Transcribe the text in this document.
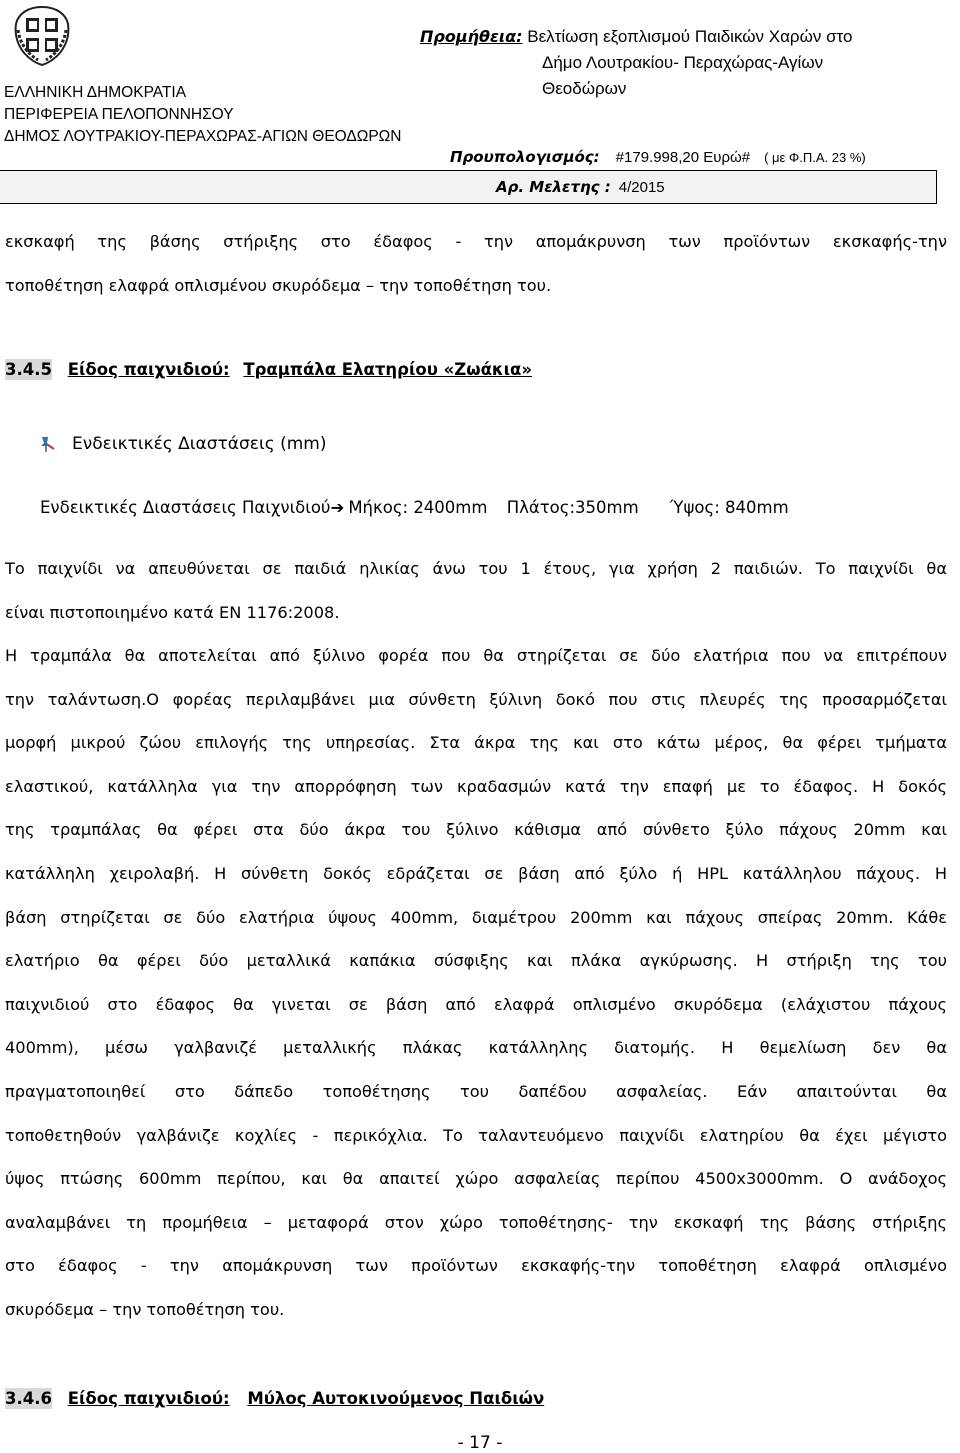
ΕΛΛΗΝΙΚΗ ΔΗΜΟΚΡΑΤΙΑ
ΠΕΡΙΦΕΡΕΙΑ ΠΕΛΟΠΟΝΝΗΣΟΥ
ΔΗΜΟΣ ΛΟΥΤΡΑΚΙΟΥ-ΠΕΡΑΧΩΡΑΣ-ΑΓΙΩΝ ΘΕΟΔΩΡΩΝ
Προμήθεια: Βελτίωση εξοπλισμού Παιδικών Χαρών στο
Δήμο Λουτρακίου- Περαχώρας-Αγίων
Θεοδώρων
Προυπολογισμός: #179.998,20 Ευρώ# ( με Φ.Π.Α. 23 %)
Αρ. Μελετης : 4/2015
εκσκαφή της βάσης στήριξης στο έδαφος - την απομάκρυνση των προϊόντων εκσκαφής-την
τοποθέτηση ελαφρά οπλισμένου σκυρόδεμα – την τοποθέτηση του.
3.4.5 Είδος παιχνιδιού: Τραμπάλα Ελατηρίου «Ζωάκια»
Ενδεικτικές Διαστάσεις (mm)
Ενδεικτικές Διαστάσεις Παιχνιδιού➔ Μήκος: 2400mm Πλάτος:350mm Ύψος: 840mm
Το παιχνίδι να απευθύνεται σε παιδιά ηλικίας άνω του 1 έτους, για χρήση 2 παιδιών. Το παιχνίδι θα
είναι πιστοποιημένο κατά EN 1176:2008.
Η τραμπάλα θα αποτελείται από ξύλινο φορέα που θα στηρίζεται σε δύο ελατήρια που να επιτρέπουν
την ταλάντωση.Ο φορέας περιλαμβάνει μια σύνθετη ξύλινη δοκό που στις πλευρές της προσαρμόζεται
μορφή μικρού ζώου επιλογής της υπηρεσίας. Στα άκρα της και στο κάτω μέρος, θα φέρει τμήματα
ελαστικού, κατάλληλα για την απορρόφηση των κραδασμών κατά την επαφή με το έδαφος. Η δοκός
της τραμπάλας θα φέρει στα δύο άκρα του ξύλινο κάθισμα από σύνθετο ξύλο πάχους 20mm και
κατάλληλη χειρολαβή. Η σύνθετη δοκός εδράζεται σε βάση από ξύλο ή HPL κατάλληλου πάχους. Η
βάση στηρίζεται σε δύο ελατήρια ύψους 400mm, διαμέτρου 200mm και πάχους σπείρας 20mm. Κάθε
ελατήριο θα φέρει δύο μεταλλικά καπάκια σύσφιξης και πλάκα αγκύρωσης. Η στήριξη της του
παιχνιδιού στο έδαφος θα γινεται σε βάση από ελαφρά οπλισμένο σκυρόδεμα (ελάχιστου πάχους
400mm), μέσω γαλβανιζέ μεταλλικής πλάκας κατάλληλης διατομής. Η θεμελίωση δεν θα
πραγματοποιηθεί στο δάπεδο τοποθέτησης του δαπέδου ασφαλείας. Εάν απαιτούνται θα
τοποθετηθούν γαλβάνιζε κοχλίες - περικόχλια. Το ταλαντευόμενο παιχνίδι ελατηρίου θα έχει μέγιστο
ύψος πτώσης 600mm περίπου, και θα απαιτεί χώρο ασφαλείας περίπου 4500x3000mm. Ο ανάδοχος
αναλαμβάνει τη προμήθεια – μεταφορά στον χώρο τοποθέτησης- την εκσκαφή της βάσης στήριξης
στο έδαφος - την απομάκρυνση των προϊόντων εκσκαφής-την τοποθέτηση ελαφρά οπλισμένο
σκυρόδεμα – την τοποθέτηση του.
3.4.6 Είδος παιχνιδιού: Μύλος Αυτοκινούμενος Παιδιών
- 17 -
